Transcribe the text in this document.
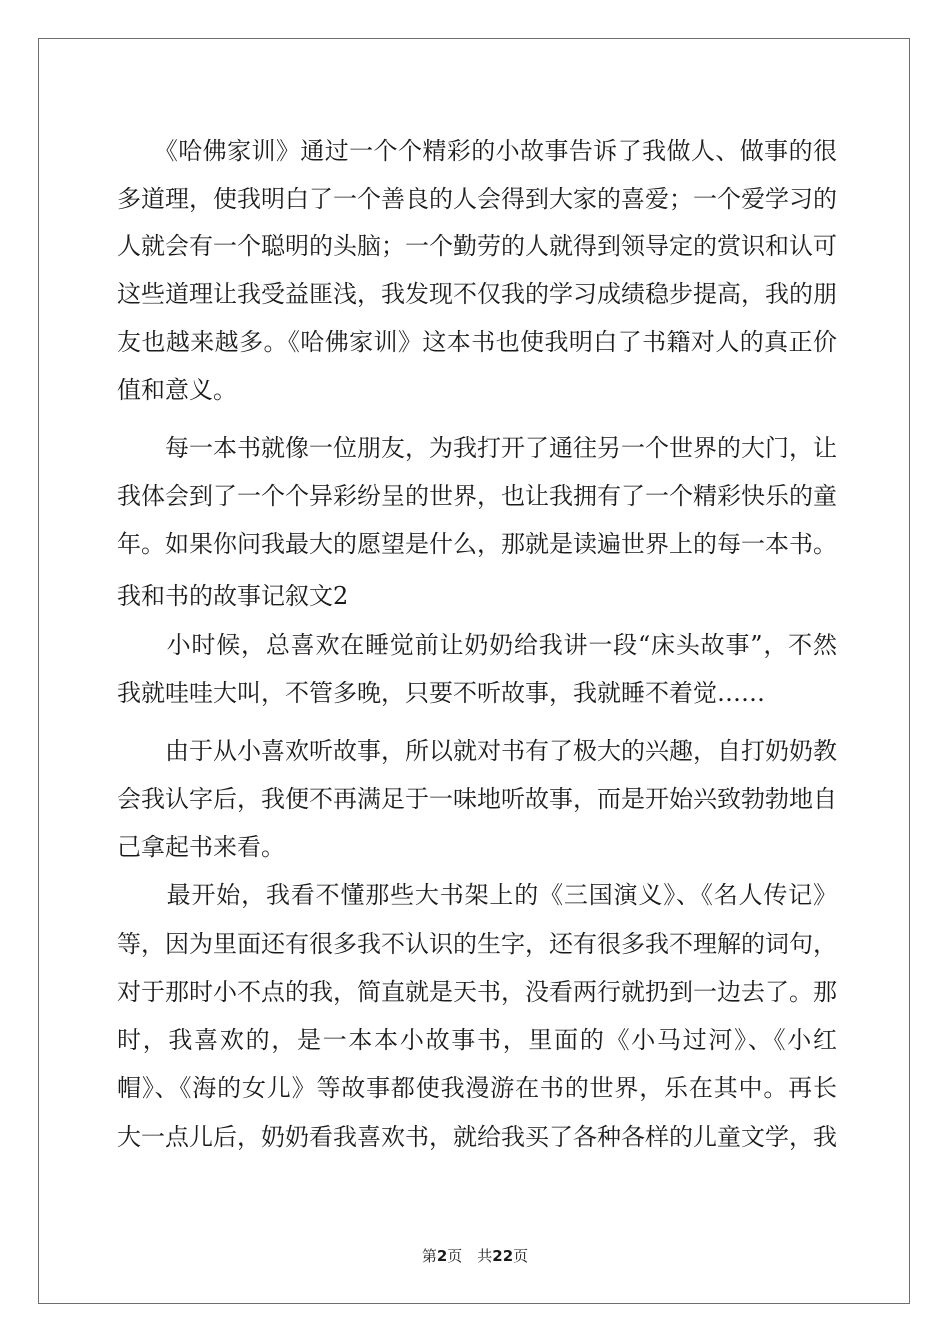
　　《哈佛家训》通过一个个精彩的小故事告诉了我做人、做事的很
多道理，使我明白了一个善良的人会得到大家的喜爱；一个爱学习的
人就会有一个聪明的头脑；一个勤劳的人就得到领导定的赏识和认可
这些道理让我受益匪浅，我发现不仅我的学习成绩稳步提高，我的朋
友也越来越多。《哈佛家训》这本书也使我明白了书籍对人的真正价
值和意义。
　　每一本书就像一位朋友，为我打开了通往另一个世界的大门，让
我体会到了一个个异彩纷呈的世界，也让我拥有了一个精彩快乐的童
年。如果你问我最大的愿望是什么，那就是读遍世界上的每一本书。
我和书的故事记叙文2
　　小时候，总喜欢在睡觉前让奶奶给我讲一段“床头故事”，不然
我就哇哇大叫，不管多晚，只要不听故事，我就睡不着觉……
　　由于从小喜欢听故事，所以就对书有了极大的兴趣，自打奶奶教
会我认字后，我便不再满足于一味地听故事，而是开始兴致勃勃地自
己拿起书来看。
　　最开始，我看不懂那些大书架上的《三国演义》、《名人传记》
等，因为里面还有很多我不认识的生字，还有很多我不理解的词句，
对于那时小不点的我，简直就是天书，没看两行就扔到一边去了。那
时，我喜欢的，是一本本小故事书，里面的《小马过河》、《小红
帽》、《海的女儿》等故事都使我漫游在书的世界，乐在其中。再长
大一点儿后，奶奶看我喜欢书，就给我买了各种各样的儿童文学，我
第2页　共22页
